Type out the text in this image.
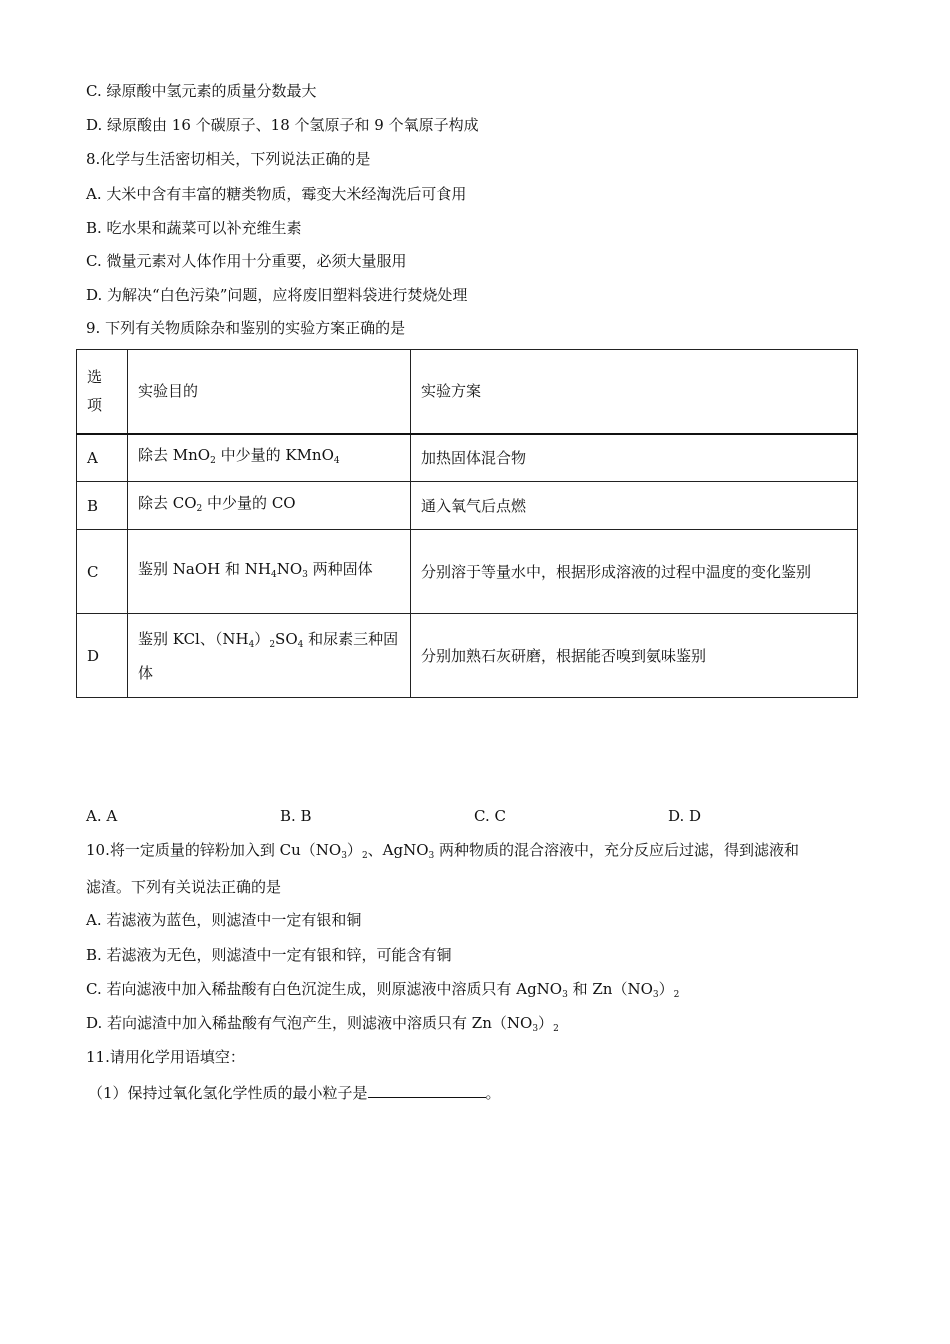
C. 绿原酸中氢元素的质量分数最大
D. 绿原酸由 16 个碳原子、18 个氢原子和 9 个氧原子构成
8.化学与生活密切相关，下列说法正确的是
A. 大米中含有丰富的糖类物质，霉变大米经淘洗后可食用
B. 吃水果和蔬菜可以补充维生素
C. 微量元素对人体作用十分重要，必须大量服用
D. 为解决“白色污染”问题，应将废旧塑料袋进行焚烧处理
9. 下列有关物质除杂和鉴别的实验方案正确的是
选
项	实验目的	实验方案
A	除去 MnO$_2$ 中少量的 KMnO$_4$	加热固体混合物
B	除去 $CO_2$ 中少量的 CO	通入氧气后点燃
C	鉴别 NaOH 和 $NH_4NO_3$ 两种固体	分别溶于等量水中，根据形成溶液的过程中温度的变化鉴别
D	鉴别 KCl、$(NH_4)_2SO_4$ 和尿素三种固体	分别加熟石灰研磨，根据能否嗅到氨味鉴别
A. A	B. B	C. C	D. D
10.将一定质量的锌粉加入到 $Cu(NO_3)_2$、AgNO$_3$ 两种物质的混合溶液中，充分反应后过滤，得到滤液和
滤渣。下列有关说法正确的是
A. 若滤液为蓝色，则滤渣中一定有银和铜
B. 若滤液为无色，则滤渣中一定有银和锌，可能含有铜
C. 若向滤液中加入稀盐酸有白色沉淀生成，则原滤液中溶质只有 AgNO$_3$ 和 $Zn(NO_3)_2$
D. 若向滤渣中加入稀盐酸有气泡产生，则滤液中溶质只有 $Zn(NO_3)_2$
11.请用化学用语填空：
（1）保持过氧化氢化学性质的最小粒子是	。
